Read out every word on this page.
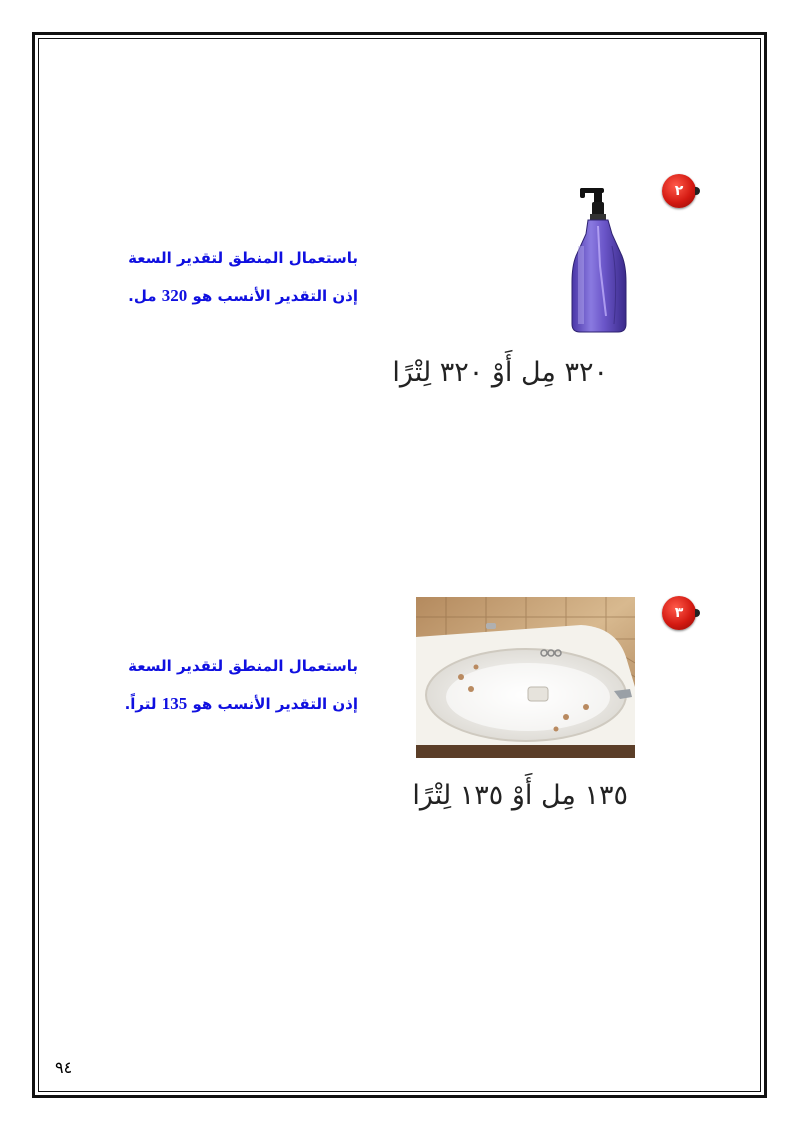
٢
٣٢٠ مِل أَوْ ٣٢٠ لِتْرًا
باستعمال المنطق لتقدير السعة
إذن التقدير الأنسب هو 320 مل.
٣
١٣٥ مِل أَوْ ١٣٥ لِتْرًا
باستعمال المنطق لتقدير السعة
إذن التقدير الأنسب هو 135 لتراً.
٩٤
